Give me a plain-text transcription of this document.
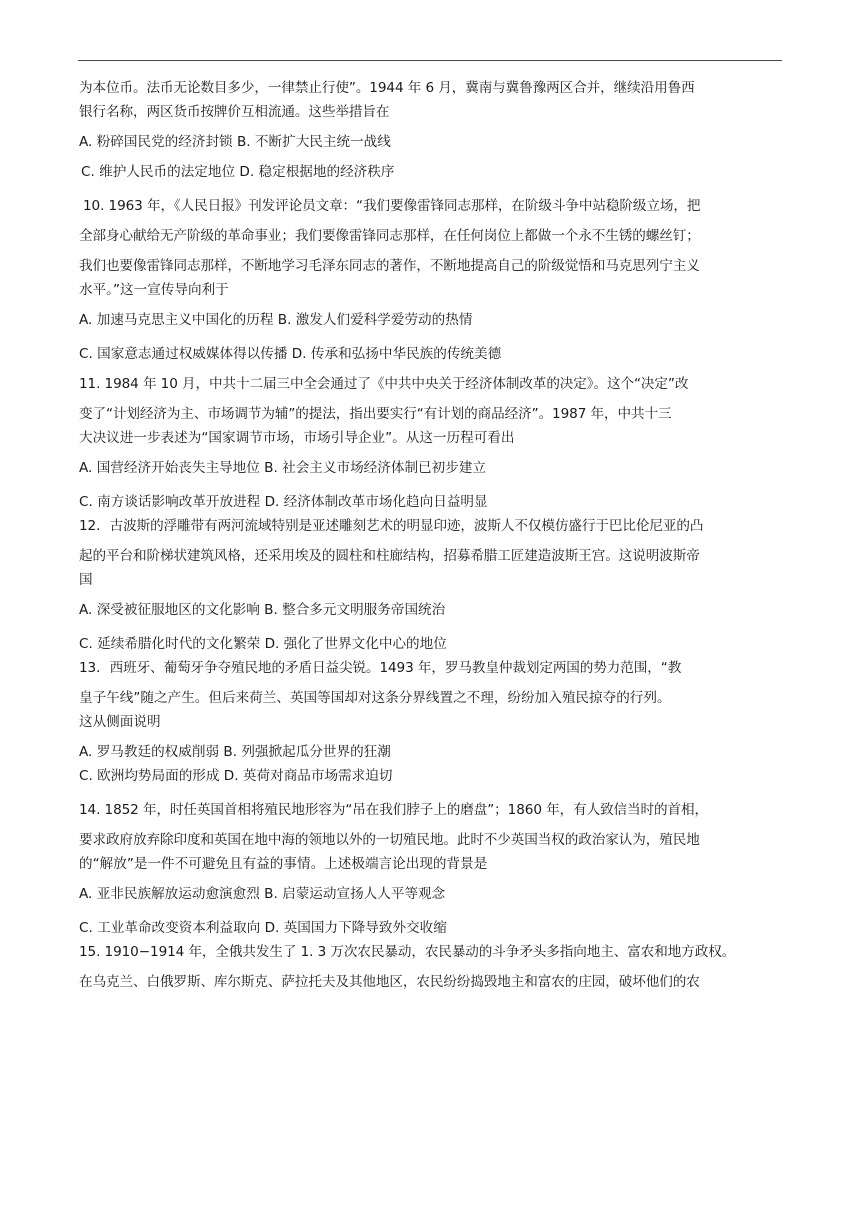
为本位币。法币无论数目多少，一律禁止行使”。1944 年 6 月，冀南与冀鲁豫两区合并，继续沿用鲁西
银行名称，两区货币按牌价互相流通。这些举措旨在
A. 粉碎国民党的经济封锁 B. 不断扩大民主统一战线
C. 维护人民币的法定地位 D. 稳定根据地的经济秩序
10. 1963 年，《人民日报》刊发评论员文章：“我们要像雷锋同志那样，在阶级斗争中站稳阶级立场，把
全部身心献给无产阶级的革命事业；我们要像雷锋同志那样，在任何岗位上都做一个永不生锈的螺丝钉；
我们也要像雷锋同志那样，不断地学习毛泽东同志的著作，不断地提高自己的阶级觉悟和马克思列宁主义
水平。”这一宣传导向利于
A. 加速马克思主义中国化的历程 B. 激发人们爱科学爱劳动的热情
C. 国家意志通过权威媒体得以传播 D. 传承和弘扬中华民族的传统美德
11. 1984 年 10 月，中共十二届三中全会通过了《中共中央关于经济体制改革的决定》。这个“决定”改
变了“计划经济为主、市场调节为辅”的提法，指出要实行“有计划的商品经济”。1987 年，中共十三
大决议进一步表述为“国家调节市场，市场引导企业”。从这一历程可看出
A. 国营经济开始丧失主导地位 B. 社会主义市场经济体制已初步建立
C. 南方谈话影响改革开放进程 D. 经济体制改革市场化趋向日益明显
12．古波斯的浮雕带有两河流域特别是亚述雕刻艺术的明显印迹，波斯人不仅模仿盛行于巴比伦尼亚的凸
起的平台和阶梯状建筑风格，还采用埃及的圆柱和柱廊结构，招募希腊工匠建造波斯王宫。这说明波斯帝
国
A. 深受被征服地区的文化影响 B. 整合多元文明服务帝国统治
C. 延续希腊化时代的文化繁荣 D. 强化了世界文化中心的地位
13．西班牙、葡萄牙争夺殖民地的矛盾日益尖锐。1493 年，罗马教皇仲裁划定两国的势力范围，“教
皇子午线”随之产生。但后来荷兰、英国等国却对这条分界线置之不理，纷纷加入殖民掠夺的行列。
这从侧面说明
A. 罗马教廷的权威削弱 B. 列强掀起瓜分世界的狂潮
C. 欧洲均势局面的形成 D. 英荷对商品市场需求迫切
14. 1852 年，时任英国首相将殖民地形容为“吊在我们脖子上的磨盘”；1860 年，有人致信当时的首相，
要求政府放弃除印度和英国在地中海的领地以外的一切殖民地。此时不少英国当权的政治家认为，殖民地
的“解放”是一件不可避免且有益的事情。上述极端言论出现的背景是
A. 亚非民族解放运动愈演愈烈 B. 启蒙运动宣扬人人平等观念
C. 工业革命改变资本利益取向 D. 英国国力下降导致外交收缩
15. 1910−1914 年，全俄共发生了 1. 3 万次农民暴动，农民暴动的斗争矛头多指向地主、富农和地方政权。
在乌克兰、白俄罗斯、库尔斯克、萨拉托夫及其他地区，农民纷纷捣毁地主和富农的庄园，破坏他们的农
